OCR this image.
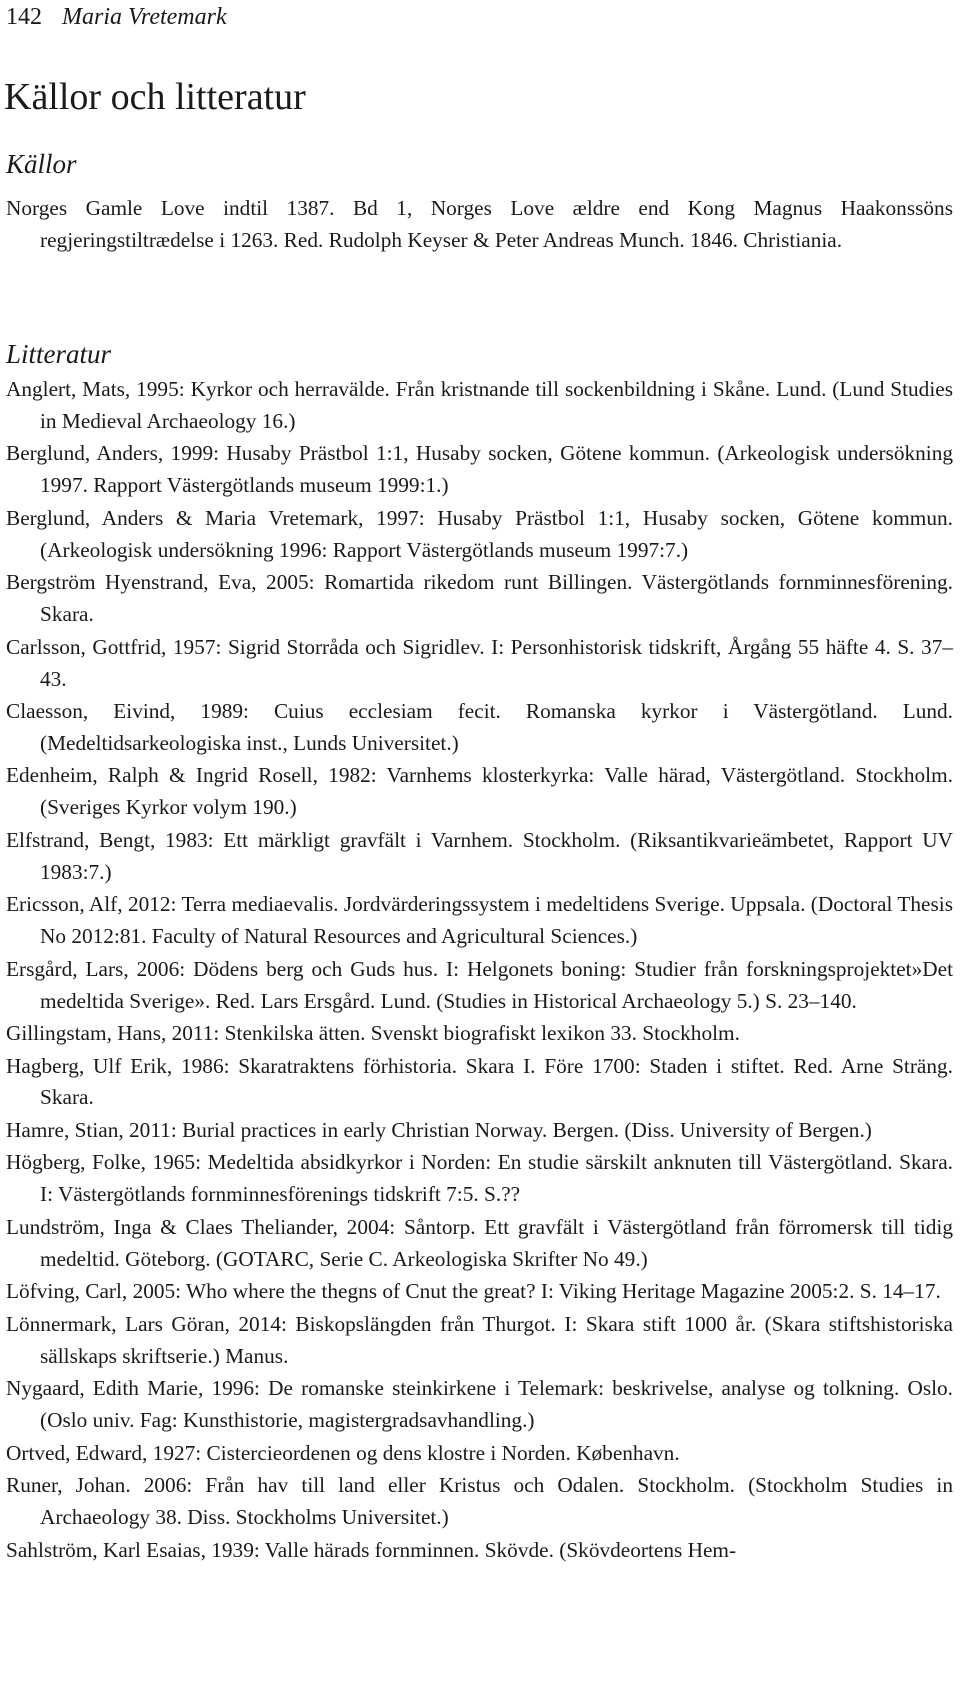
142 Maria Vretemark
Källor och litteratur
Källor
Norges Gamle Love indtil 1387. Bd 1, Norges Love ældre end Kong Magnus Haakonssöns regjeringstiltrædelse i 1263. Red. Rudolph Keyser & Peter Andreas Munch. 1846. Christiania.
Litteratur
Anglert, Mats, 1995: Kyrkor och herravälde. Från kristnande till sockenbildning i Skåne. Lund. (Lund Studies in Medieval Archaeology 16.)
Berglund, Anders, 1999: Husaby Prästbol 1:1, Husaby socken, Götene kommun. (Arkeologisk undersökning 1997. Rapport Västergötlands museum 1999:1.)
Berglund, Anders & Maria Vretemark, 1997: Husaby Prästbol 1:1, Husaby socken, Götene kommun. (Arkeologisk undersökning 1996: Rapport Västergötlands museum 1997:7.)
Bergström Hyenstrand, Eva, 2005: Romartida rikedom runt Billingen. Västergötlands fornminnesförening. Skara.
Carlsson, Gottfrid, 1957: Sigrid Storråda och Sigridlev. I: Personhistorisk tidskrift, Årgång 55 häfte 4. S. 37–43.
Claesson, Eivind, 1989: Cuius ecclesiam fecit. Romanska kyrkor i Västergötland. Lund. (Medeltidsarkeologiska inst., Lunds Universitet.)
Edenheim, Ralph & Ingrid Rosell, 1982: Varnhems klosterkyrka: Valle härad, Västergötland. Stockholm. (Sveriges Kyrkor volym 190.)
Elfstrand, Bengt, 1983: Ett märkligt gravfält i Varnhem. Stockholm. (Riksantikvarieämbetet, Rapport UV 1983:7.)
Ericsson, Alf, 2012: Terra mediaevalis. Jordvärderingssystem i medeltidens Sverige. Uppsala. (Doctoral Thesis No 2012:81. Faculty of Natural Resources and Agricultural Sciences.)
Ersgård, Lars, 2006: Dödens berg och Guds hus. I: Helgonets boning: Studier från forskningsprojektet»Det medeltida Sverige». Red. Lars Ersgård. Lund. (Studies in Historical Archaeology 5.) S. 23–140.
Gillingstam, Hans, 2011: Stenkilska ätten. Svenskt biografiskt lexikon 33. Stockholm.
Hagberg, Ulf Erik, 1986: Skaratraktens förhistoria. Skara I. Före 1700: Staden i stiftet. Red. Arne Sträng. Skara.
Hamre, Stian, 2011: Burial practices in early Christian Norway. Bergen. (Diss. University of Bergen.)
Högberg, Folke, 1965: Medeltida absidkyrkor i Norden: En studie särskilt anknuten till Västergötland. Skara. I: Västergötlands fornminnesförenings tidskrift 7:5. S.??
Lundström, Inga & Claes Theliander, 2004: Såntorp. Ett gravfält i Västergötland från förromersk till tidig medeltid. Göteborg. (GOTARC, Serie C. Arkeologiska Skrifter No 49.)
Löfving, Carl, 2005: Who where the thegns of Cnut the great? I: Viking Heritage Magazine 2005:2. S. 14–17.
Lönnermark, Lars Göran, 2014: Biskopslängden från Thurgot. I: Skara stift 1000 år. (Skara stiftshistoriska sällskaps skriftserie.) Manus.
Nygaard, Edith Marie, 1996: De romanske steinkirkene i Telemark: beskrivelse, analyse og tolkning. Oslo. (Oslo univ. Fag: Kunsthistorie, magistergradsavhandling.)
Ortved, Edward, 1927: Cistercieordenen og dens klostre i Norden. København.
Runer, Johan. 2006: Från hav till land eller Kristus och Odalen. Stockholm. (Stockholm Studies in Archaeology 38. Diss. Stockholms Universitet.)
Sahlström, Karl Esaias, 1939: Valle härads fornminnen. Skövde. (Skövdeortens Hem-
